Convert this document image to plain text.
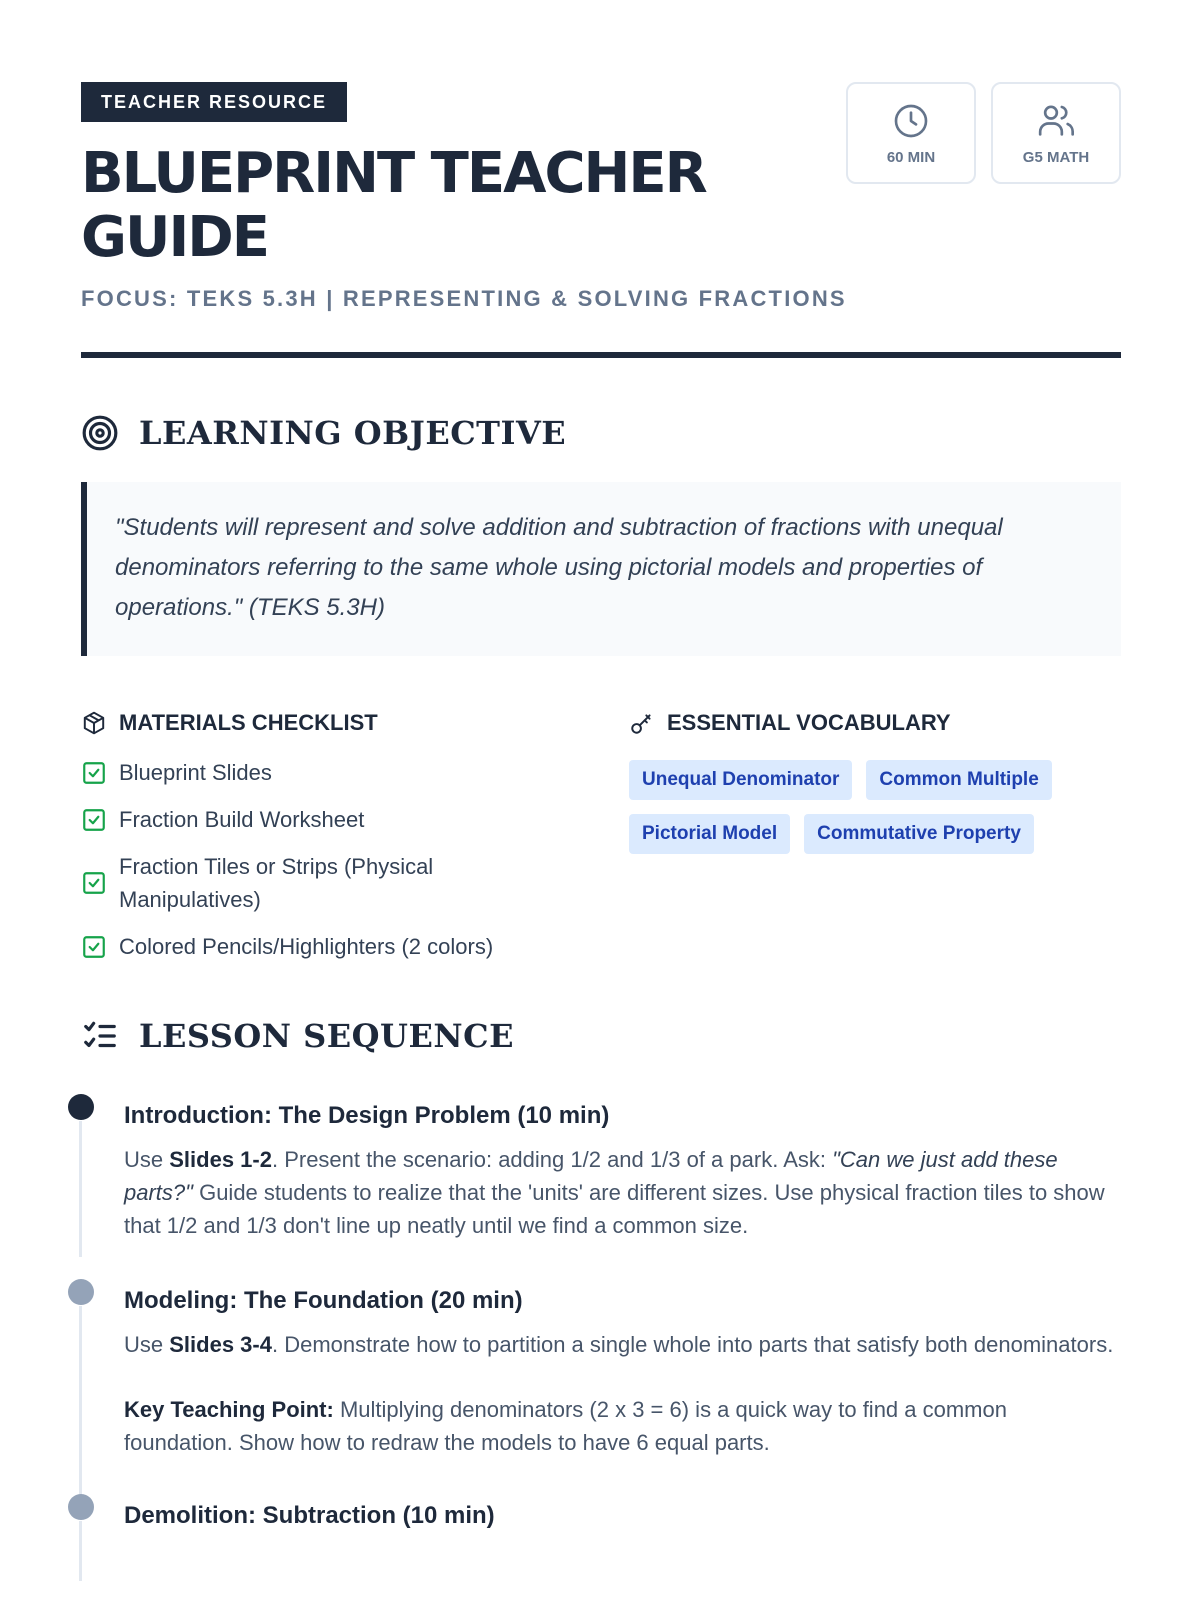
TEACHER RESOURCE
BLUEPRINT TEACHER GUIDE
FOCUS: TEKS 5.3H | REPRESENTING & SOLVING FRACTIONS
60 MIN	G5 MATH
LEARNING OBJECTIVE
"Students will represent and solve addition and subtraction of fractions with unequal denominators referring to the same whole using pictorial models and properties of operations." (TEKS 5.3H)
MATERIALS CHECKLIST
Blueprint Slides
Fraction Build Worksheet
Fraction Tiles or Strips (Physical Manipulatives)
Colored Pencils/Highlighters (2 colors)
ESSENTIAL VOCABULARY
Unequal Denominator	Common Multiple
Pictorial Model	Commutative Property
LESSON SEQUENCE
Introduction: The Design Problem (10 min)
Use Slides 1-2. Present the scenario: adding 1/2 and 1/3 of a park. Ask: "Can we just add these parts?" Guide students to realize that the 'units' are different sizes. Use physical fraction tiles to show that 1/2 and 1/3 don't line up neatly until we find a common size.
Modeling: The Foundation (20 min)

Use Slides 3-4. Demonstrate how to partition a single whole into parts that satisfy both denominators.

Key Teaching Point: Multiplying denominators (2 x 3 = 6) is a quick way to find a common foundation. Show how to redraw the models to have 6 equal parts.

Demolition: Subtraction (10 min)
